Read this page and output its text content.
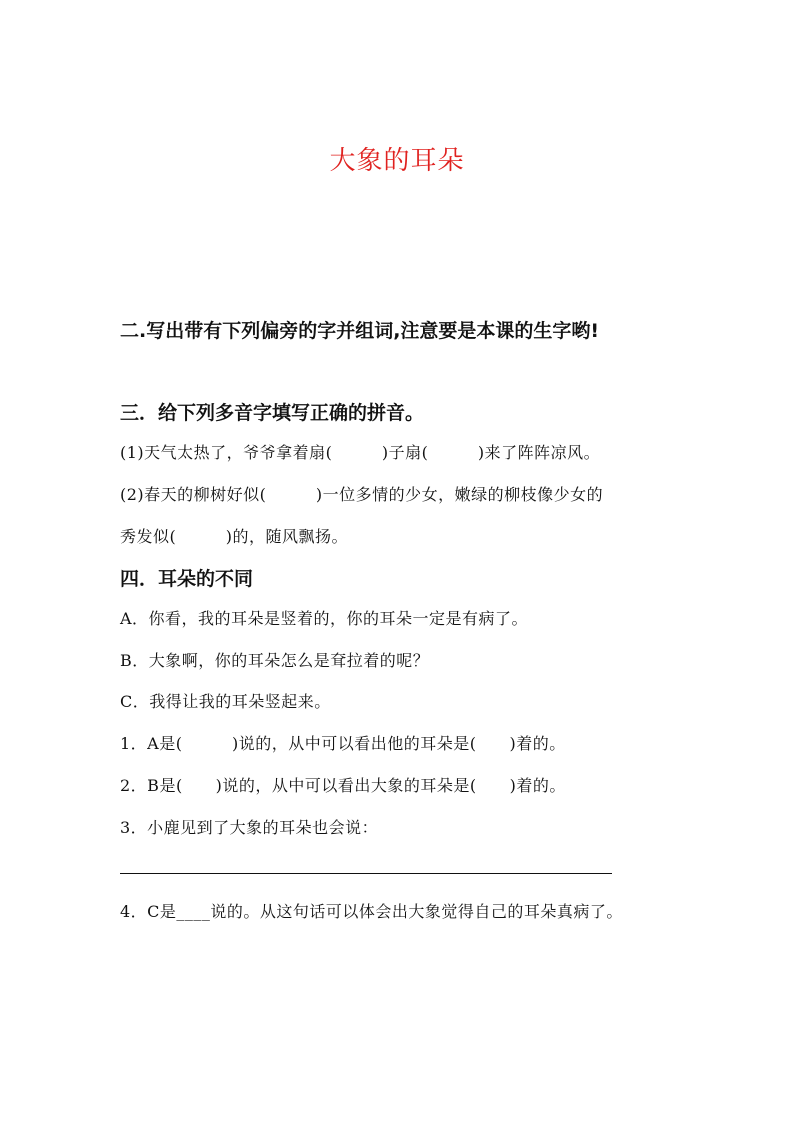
大象的耳朵
二.写出带有下列偏旁的字并组词,注意要是本课的生字哟!
三．给下列多音字填写正确的拼音。
(1)天气太热了，爷爷拿着扇(　　　)子扇(　　　)来了阵阵凉风。
(2)春天的柳树好似(　　　)一位多情的少女，嫩绿的柳枝像少女的
秀发似(　　　)的，随风飘扬。
四．耳朵的不同
A．你看，我的耳朵是竖着的，你的耳朵一定是有病了。
B．大象啊，你的耳朵怎么是耷拉着的呢？
C．我得让我的耳朵竖起来。
1．A是(　　　)说的，从中可以看出他的耳朵是(　　)着的。
2．B是(　　)说的，从中可以看出大象的耳朵是(　　)着的。
3．小鹿见到了大象的耳朵也会说：
4．C是____说的。从这句话可以体会出大象觉得自己的耳朵真病了。
